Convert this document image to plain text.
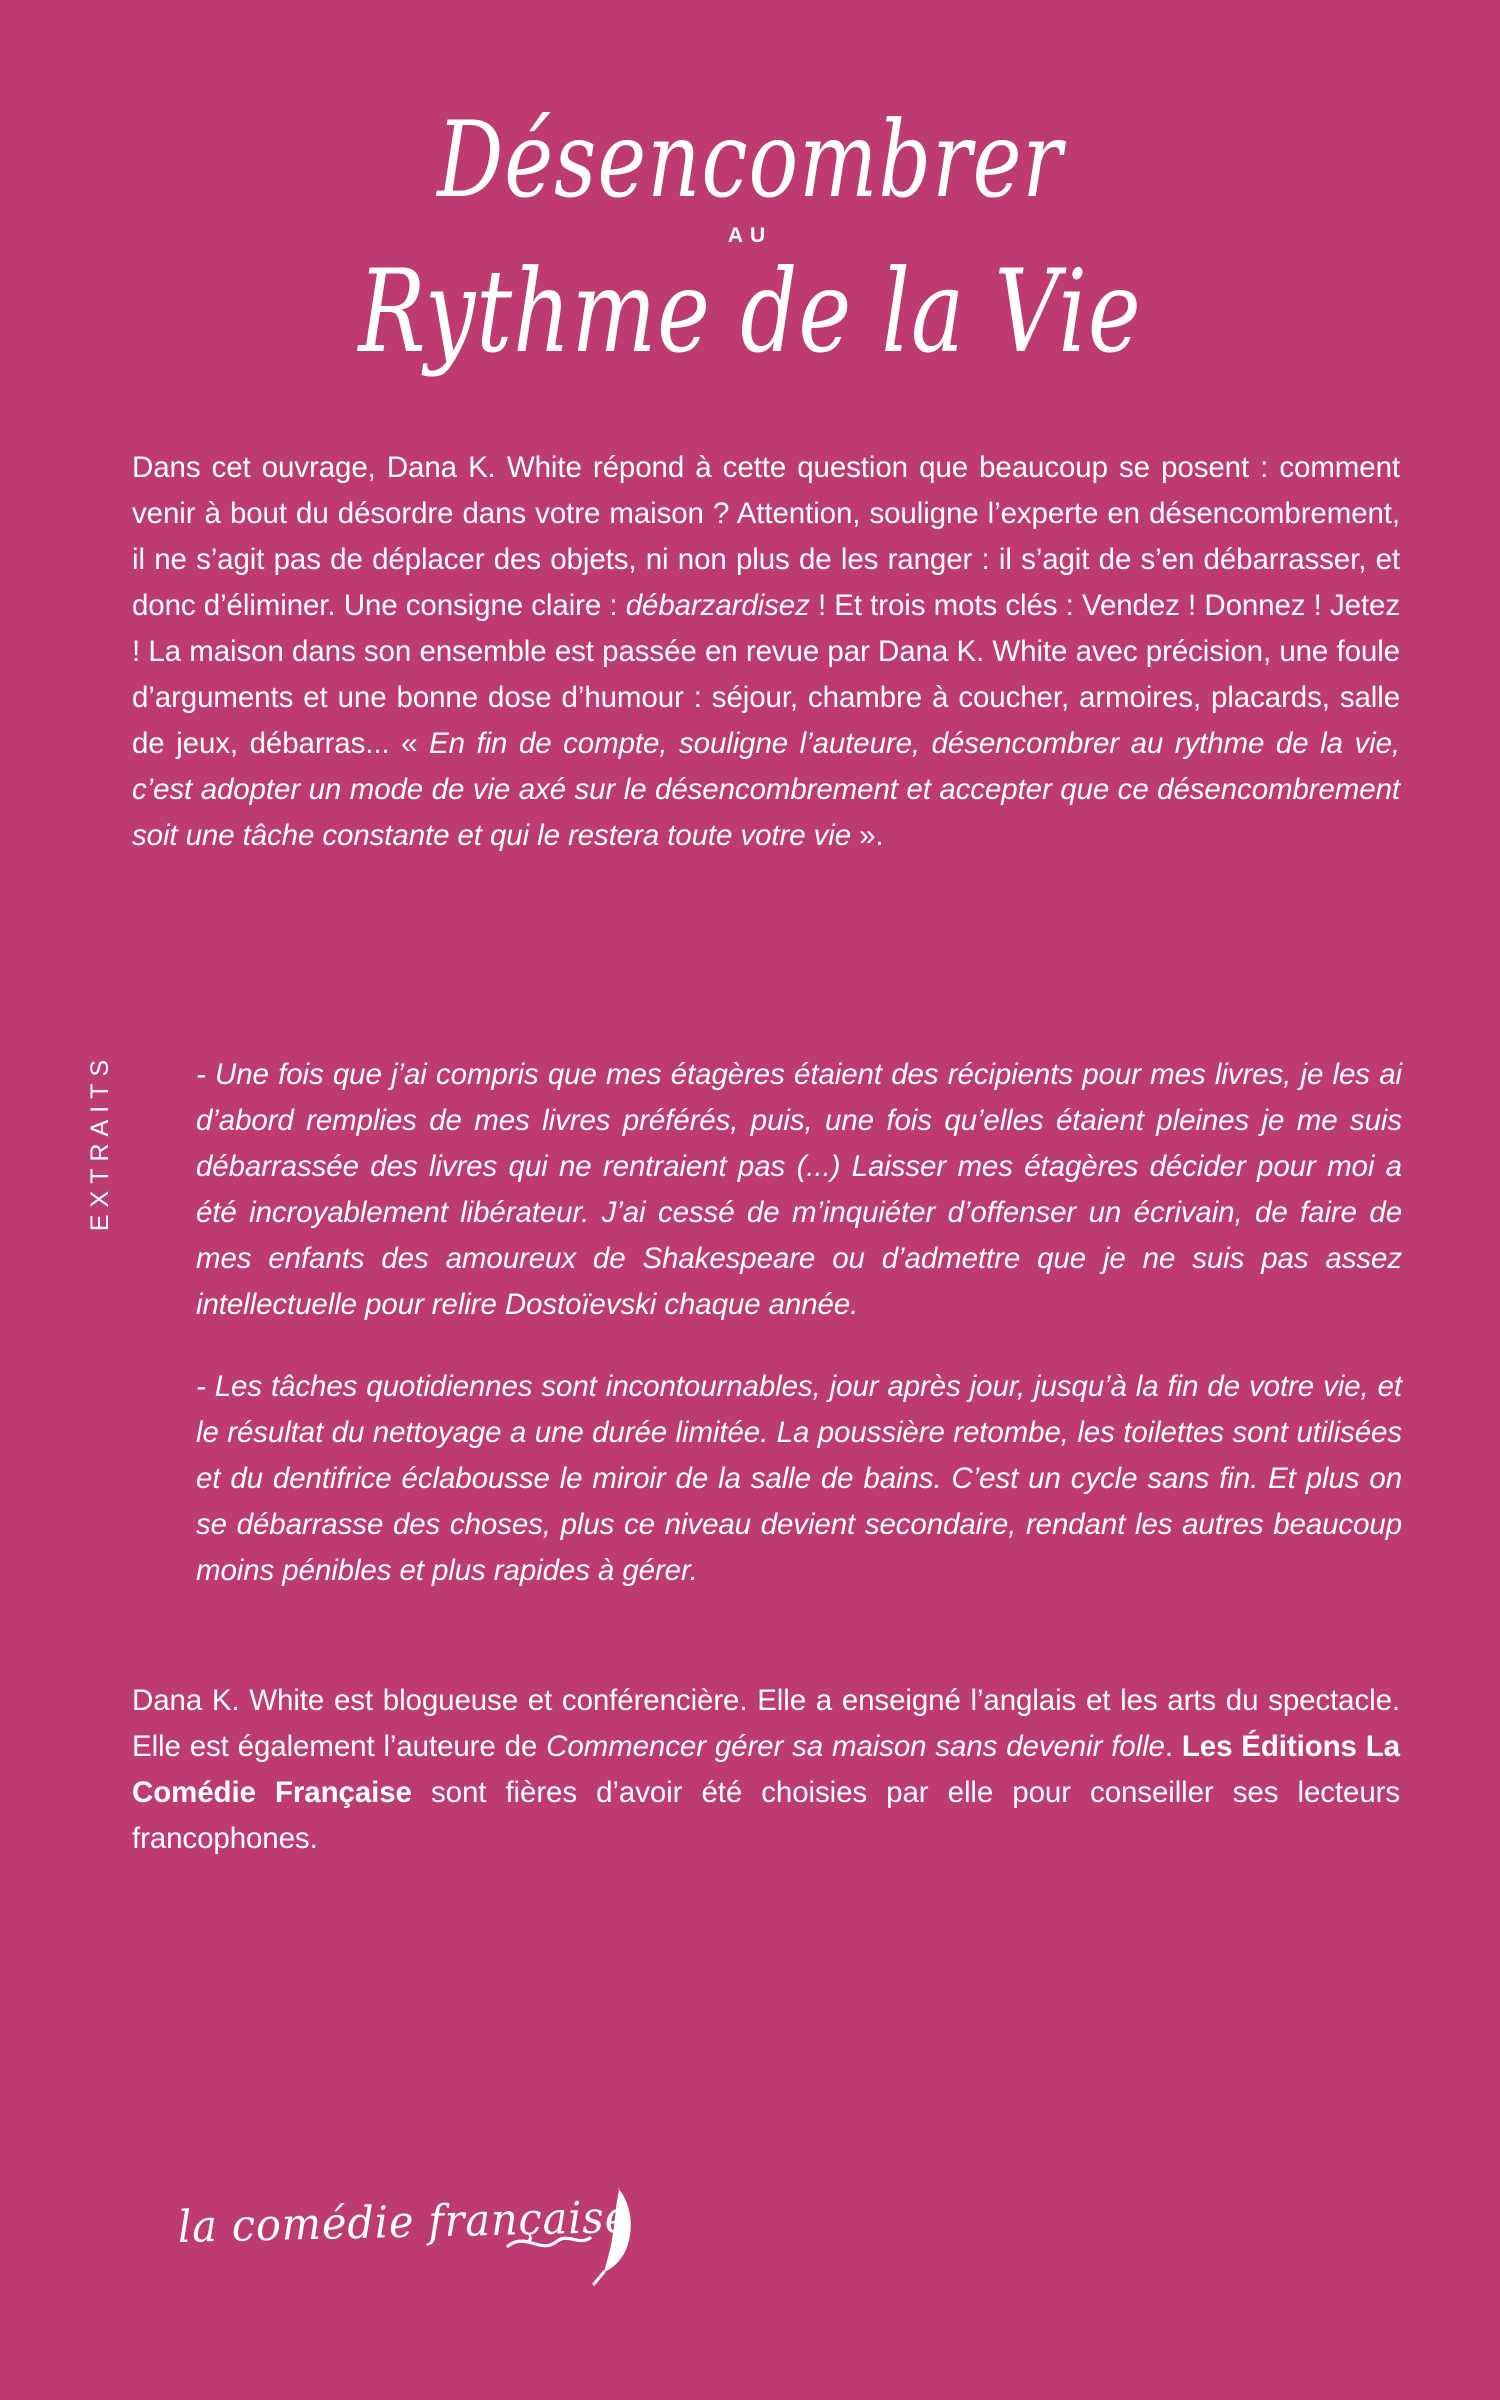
Désencombrer
AU
Rythme de la Vie
Dans cet ouvrage, Dana K. White répond à cette question que beaucoup se posent : comment venir à bout du désordre dans votre maison ? Attention, souligne l’experte en désencombrement, il ne s’agit pas de déplacer des objets, ni non plus de les ranger : il s’agit de s’en débarrasser, et donc d’éliminer. Une consigne claire : débarzardisez ! Et trois mots clés : Vendez ! Donnez ! Jetez ! La maison dans son ensemble est passée en revue par Dana K. White avec précision, une foule d’arguments et une bonne dose d’humour : séjour, chambre à coucher, armoires, placards, salle de jeux, débarras... « En fin de compte, souligne l’auteure, désencombrer au rythme de la vie, c’est adopter un mode de vie axé sur le désencombrement et accepter que ce désencombrement soit une tâche constante et qui le restera toute votre vie ».
EXTRAITS	- Une fois que j’ai compris que mes étagères étaient des récipients pour mes livres, je les ai d’abord remplies de mes livres préférés, puis, une fois qu’elles étaient pleines je me suis débarrassée des livres qui ne rentraient pas (...) Laisser mes étagères décider pour moi a été incroyablement libérateur. J’ai cessé de m’inquiéter d’offenser un écrivain, de faire de mes enfants des amoureux de Shakespeare ou d’admettre que je ne suis pas assez intellectuelle pour relire Dostoïevski chaque année.

- Les tâches quotidiennes sont incontournables, jour après jour, jusqu’à la fin de votre vie, et le résultat du nettoyage a une durée limitée. La poussière retombe, les toilettes sont utilisées et du dentifrice éclabousse le miroir de la salle de bains. C’est un cycle sans fin. Et plus on se débarrasse des choses, plus ce niveau devient secondaire, rendant les autres beaucoup moins pénibles et plus rapides à gérer.

Dana K. White est blogueuse et conférencière. Elle a enseigné l’anglais et les arts du spectacle. Elle est également l’auteure de Commencer gérer sa maison sans devenir folle. Les Éditions La Comédie Française sont fières d’avoir été choisies par elle pour conseiller ses lecteurs francophones.
la comédie française
